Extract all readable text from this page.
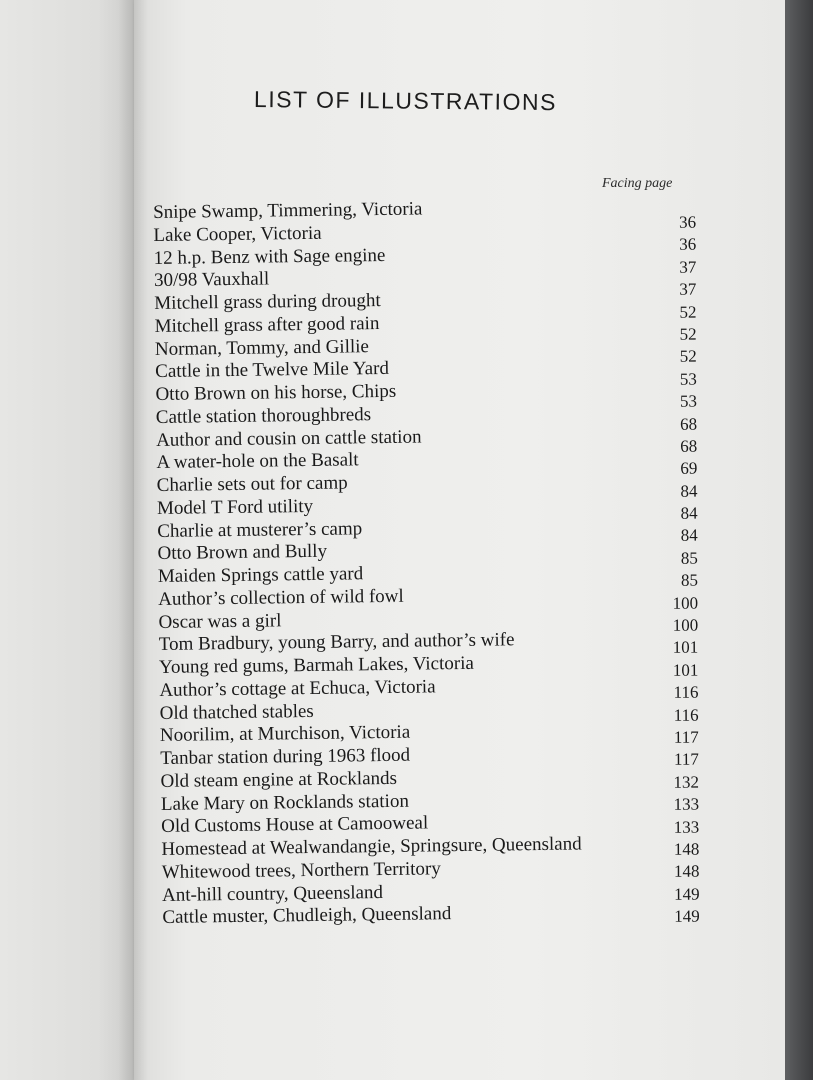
LIST OF ILLUSTRATIONS
Facing page
Snipe Swamp, Timmering, Victoria
Lake Cooper, Victoria
12 h.p. Benz with Sage engine
30/98 Vauxhall
Mitchell grass during drought
Mitchell grass after good rain
Norman, Tommy, and Gillie
Cattle in the Twelve Mile Yard
Otto Brown on his horse, Chips
Cattle station thoroughbreds
Author and cousin on cattle station
A water-hole on the Basalt
Charlie sets out for camp
Model T Ford utility
Charlie at musterer’s camp
Otto Brown and Bully
Maiden Springs cattle yard
Author’s collection of wild fowl
Oscar was a girl
Tom Bradbury, young Barry, and author’s wife
Young red gums, Barmah Lakes, Victoria
Author’s cottage at Echuca, Victoria
Old thatched stables
Noorilim, at Murchison, Victoria
Tanbar station during 1963 flood
Old steam engine at Rocklands
Lake Mary on Rocklands station
Old Customs House at Camooweal
Homestead at Wealwandangie, Springsure, Queensland
Whitewood trees, Northern Territory
Ant-hill country, Queensland
Cattle muster, Chudleigh, Queensland
36
36
37
37
52
52
52
53
53
68
68
69
84
84
84
85
85
100
100
101
101
116
116
117
117
132
133
133
148
148
149
149
